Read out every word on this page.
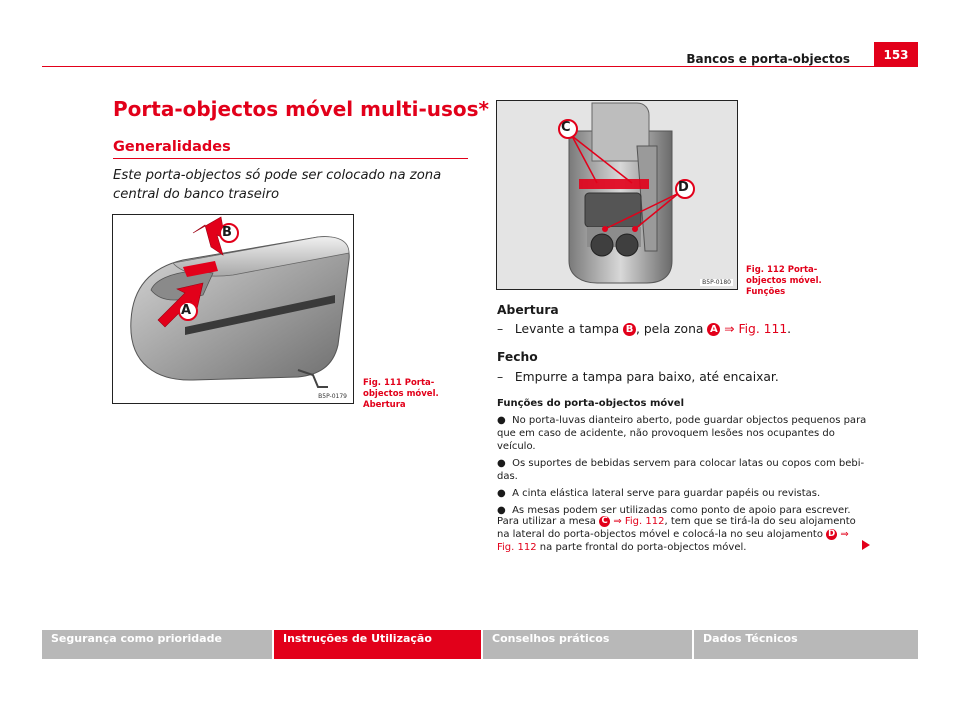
Bancos e porta-objectos	153
Porta-objectos móvel multi-usos*
Generalidades
Este porta-objectos só pode ser colocado na zona central do banco traseiro
B
A
B5P-0179
Fig. 111 Porta-objectos móvel. Abertura
C
D
B5P-0180
Fig. 112 Porta-objectos móvel. Funções
Abertura
– Levante a tampa B , pela zona A ⇒ Fig. 111.
Fecho
– Empurre a tampa para baixo, até encaixar.
Funções do porta-objectos móvel
● No porta-luvas dianteiro aberto, pode guardar objectos pequenos para que em caso de acidente, não provoquem lesões nos ocupantes do veículo.
● Os suportes de bebidas servem para colocar latas ou copos com bebi-das.
● A cinta elástica lateral serve para guardar papéis ou revistas.
● As mesas podem ser utilizadas como ponto de apoio para escrever.
Para utilizar a mesa C ⇒ Fig. 112, tem que se tirá-la do seu alojamento na lateral do porta-objectos móvel e colocá-la no seu alojamento D ⇒ Fig. 112 na parte frontal do porta-objectos móvel.
Segurança como prioridade	Instruções de Utilização	Conselhos práticos	Dados Técnicos
